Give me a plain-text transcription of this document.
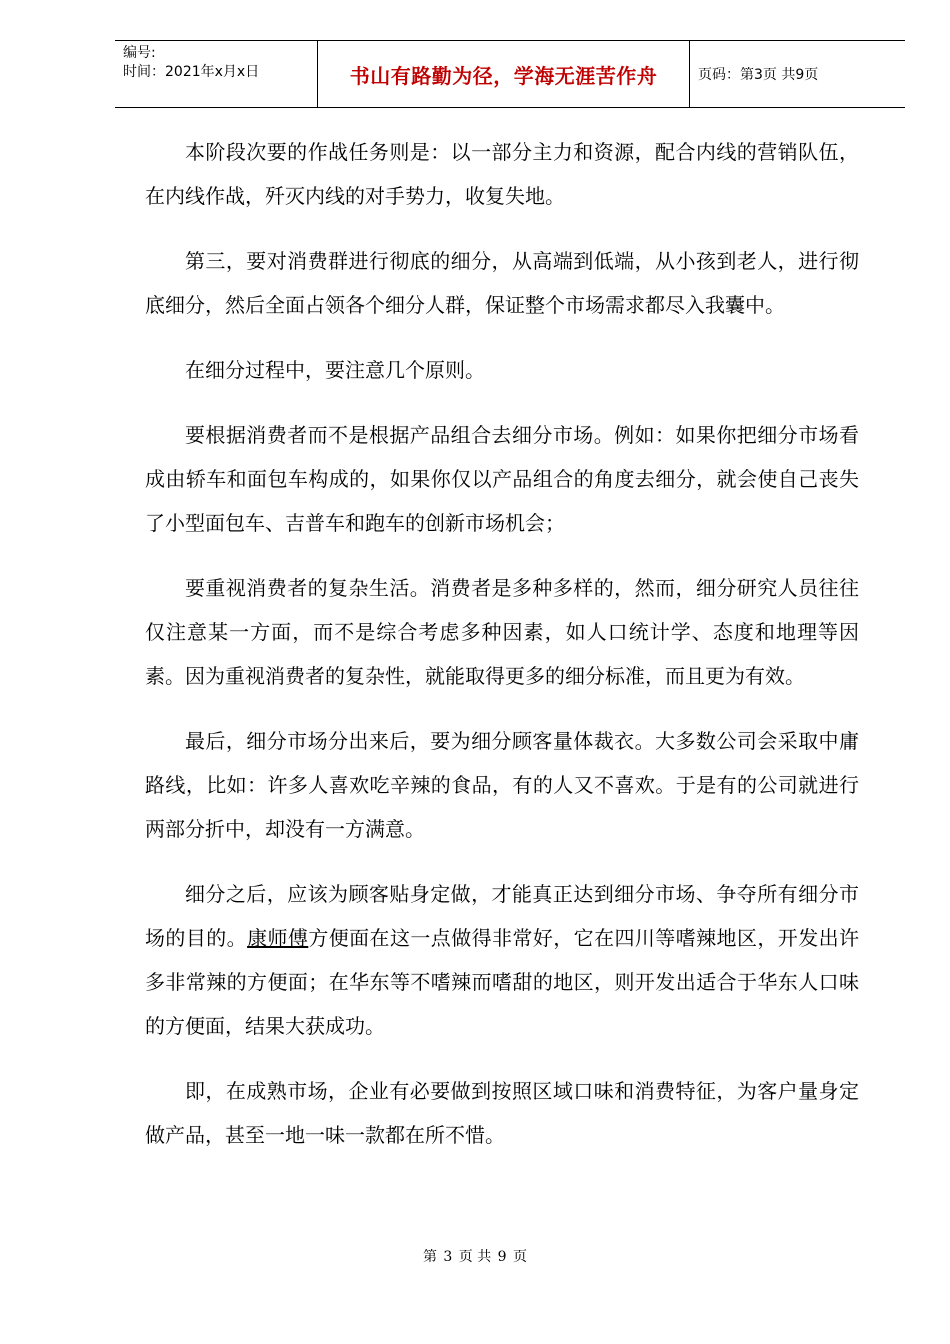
编号:
时间：2021年x月x日	书山有路勤为径，学海无涯苦作舟	页码：第3页 共9页

本阶段次要的作战任务则是：以一部分主力和资源，配合内线的营销队伍，在内线作战，歼灭内线的对手势力，收复失地。

第三，要对消费群进行彻底的细分，从高端到低端，从小孩到老人，进行彻底细分，然后全面占领各个细分人群，保证整个市场需求都尽入我囊中。

在细分过程中，要注意几个原则。

要根据消费者而不是根据产品组合去细分市场。例如：如果你把细分市场看成由轿车和面包车构成的，如果你仅以产品组合的角度去细分，就会使自己丧失了小型面包车、吉普车和跑车的创新市场机会；

要重视消费者的复杂生活。消费者是多种多样的，然而，细分研究人员往往仅注意某一方面，而不是综合考虑多种因素，如人口统计学、态度和地理等因素。因为重视消费者的复杂性，就能取得更多的细分标准，而且更为有效。

最后，细分市场分出来后，要为细分顾客量体裁衣。大多数公司会采取中庸路线，比如：许多人喜欢吃辛辣的食品，有的人又不喜欢。于是有的公司就进行两部分折中，却没有一方满意。

细分之后，应该为顾客贴身定做，才能真正达到细分市场、争夺所有细分市场的目的。康师傅方便面在这一点做得非常好，它在四川等嗜辣地区，开发出许多非常辣的方便面；在华东等不嗜辣而嗜甜的地区，则开发出适合于华东人口味的方便面，结果大获成功。

即，在成熟市场，企业有必要做到按照区域口味和消费特征，为客户量身定做产品，甚至一地一味一款都在所不惜。

第 3 页 共 9 页
